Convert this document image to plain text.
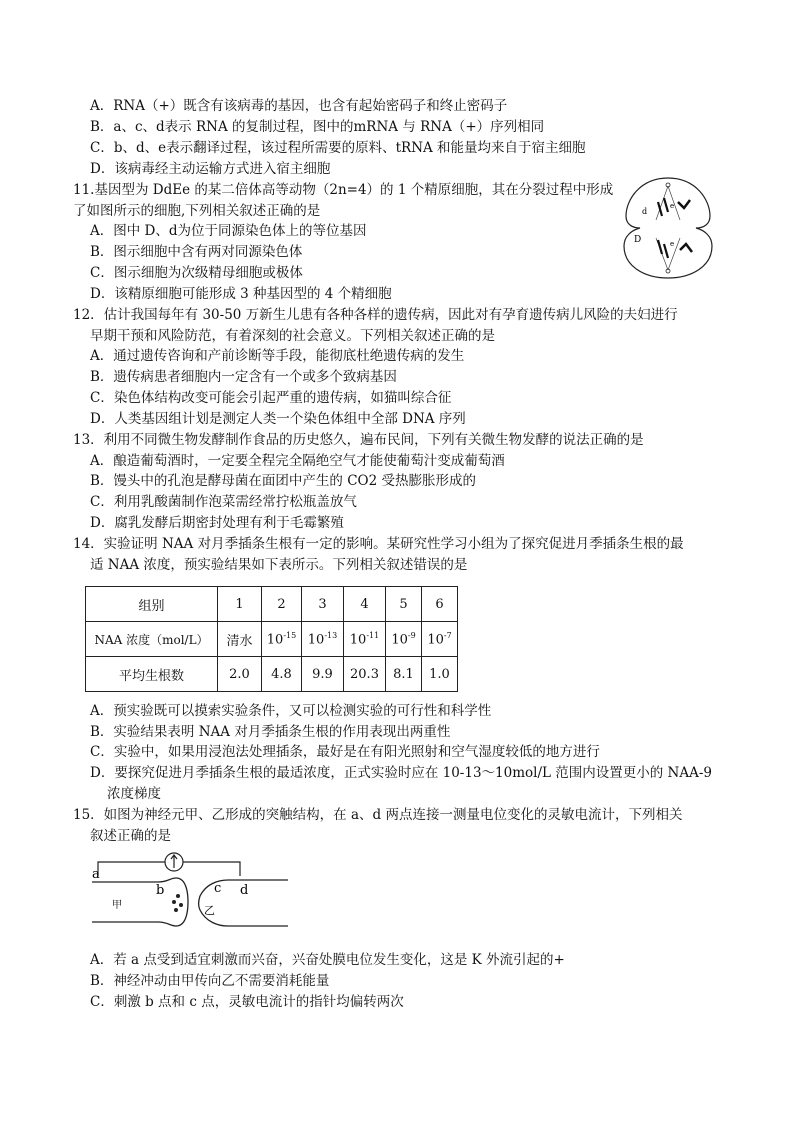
A．RNA（+）既含有该病毒的基因，也含有起始密码子和终止密码子
B．a、c、d表示 RNA 的复制过程，图中的mRNA 与 RNA（+）序列相同
C．b、d、e表示翻译过程，该过程所需要的原料、tRNA 和能量均来自于宿主细胞
D．该病毒经主动运输方式进入宿主细胞
11.基因型为 DdEe 的某二倍体高等动物（2n=4）的 1 个精原细胞，其在分裂过程中形成
了如图所示的细胞,下列相关叙述正确的是
A．图中 D、d为位于同源染色体上的等位基因
B．图示细胞中含有两对同源染色体
C．图示细胞为次级精母细胞或极体
D．该精原细胞可能形成 3 种基因型的 4 个精细胞
d
e
D	e
12．估计我国每年有 30-50 万新生儿患有各种各样的遗传病，因此对有孕育遗传病儿风险的夫妇进行
早期干预和风险防范，有着深刻的社会意义。下列相关叙述正确的是
A．通过遗传咨询和产前诊断等手段，能彻底杜绝遗传病的发生
B．遗传病患者细胞内一定含有一个或多个致病基因
C．染色体结构改变可能会引起严重的遗传病，如猫叫综合征
D．人类基因组计划是测定人类一个染色体组中全部 DNA 序列
13．利用不同微生物发酵制作食品的历史悠久，遍布民间，下列有关微生物发酵的说法正确的是
A．酿造葡萄酒时，一定要全程完全隔绝空气才能使葡萄汁变成葡萄酒
B．馒头中的孔泡是酵母菌在面团中产生的 CO2 受热膨胀形成的
C．利用乳酸菌制作泡菜需经常拧松瓶盖放气
D．腐乳发酵后期密封处理有利于毛霉繁殖
14．实验证明 NAA 对月季插条生根有一定的影响。某研究性学习小组为了探究促进月季插条生根的最
适 NAA 浓度，预实验结果如下表所示。下列相关叙述错误的是
组别	1	2	3	4	5	6
NAA 浓度（mol/L）	清水	$10^{-15}$	$10^{-13}$	$10^{-11}$	$10^{-9}$	$10^{-7}$
平均生根数	2.0	4.8	9.9	20.3	8.1	1.0
A．预实验既可以摸索实验条件，又可以检测实验的可行性和科学性
B．实验结果表明 NAA 对月季插条生根的作用表现出两重性
C．实验中，如果用浸泡法处理插条，最好是在有阳光照射和空气湿度较低的地方进行
D．要探究促进月季插条生根的最适浓度，正式实验时应在 10-13～10mol/L 范围内设置更小的 NAA-9
浓度梯度
15．如图为神经元甲、乙形成的突触结构，在 a、d 两点连接一测量电位变化的灵敏电流计，下列相关
叙述正确的是
a
b	c d
甲	乙
A．若 a 点受到适宜刺激而兴奋，兴奋处膜电位发生变化，这是 K 外流引起的+
B．神经冲动由甲传向乙不需要消耗能量
C．刺激 b 点和 c 点，灵敏电流计的指针均偏转两次
